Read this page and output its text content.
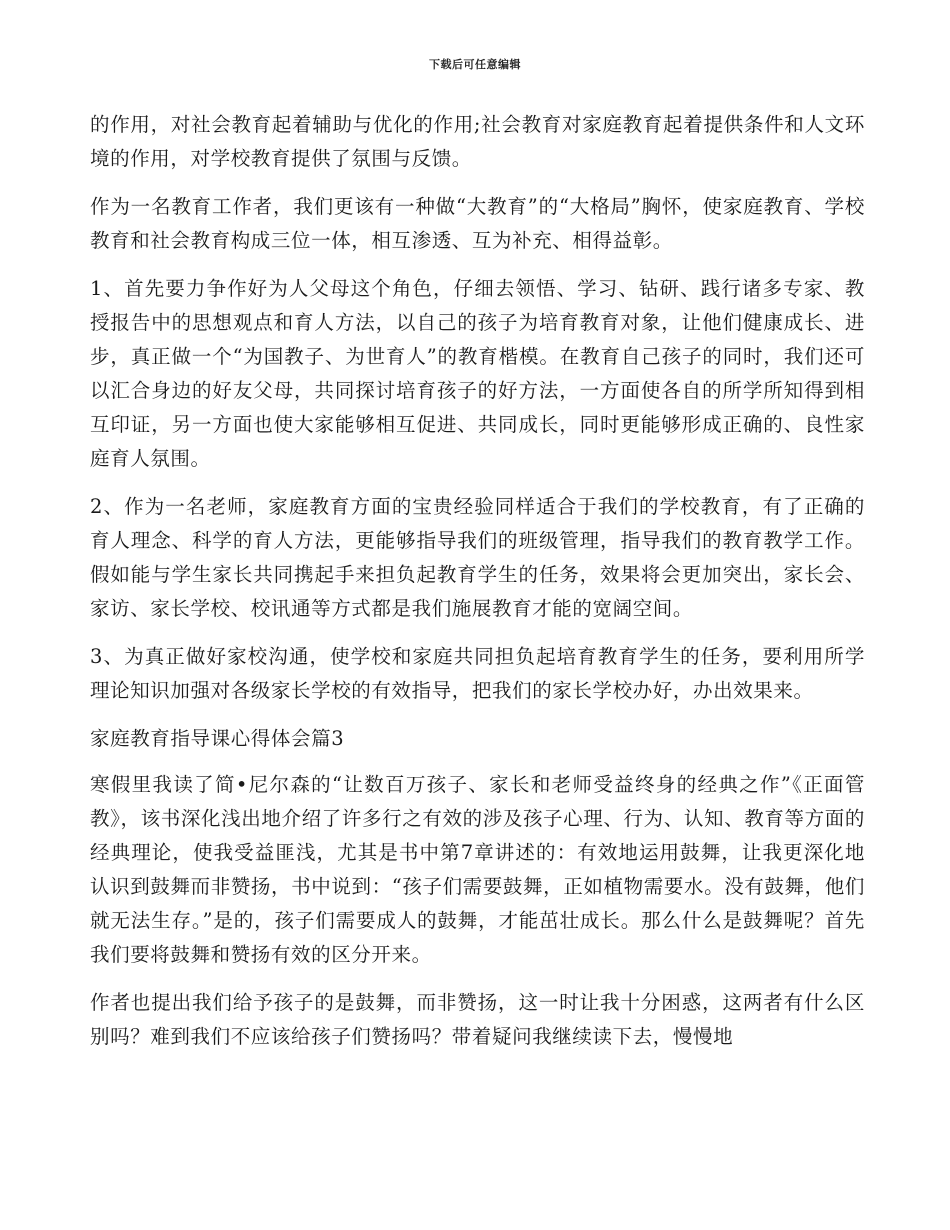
下载后可任意编辑

的作用，对社会教育起着辅助与优化的作用;社会教育对家庭教育起着提供条件和人文环境的作用，对学校教育提供了氛围与反馈。

作为一名教育工作者，我们更该有一种做“大教育”的“大格局”胸怀，使家庭教育、学校教育和社会教育构成三位一体，相互渗透、互为补充、相得益彰。

1、首先要力争作好为人父母这个角色，仔细去领悟、学习、钻研、践行诸多专家、教授报告中的思想观点和育人方法，以自己的孩子为培育教育对象，让他们健康成长、进步，真正做一个“为国教子、为世育人”的教育楷模。在教育自己孩子的同时，我们还可以汇合身边的好友父母，共同探讨培育孩子的好方法，一方面使各自的所学所知得到相互印证，另一方面也使大家能够相互促进、共同成长，同时更能够形成正确的、良性家庭育人氛围。

2、作为一名老师，家庭教育方面的宝贵经验同样适合于我们的学校教育，有了正确的育人理念、科学的育人方法，更能够指导我们的班级管理，指导我们的教育教学工作。假如能与学生家长共同携起手来担负起教育学生的任务，效果将会更加突出，家长会、家访、家长学校、校讯通等方式都是我们施展教育才能的宽阔空间。

3、为真正做好家校沟通，使学校和家庭共同担负起培育教育学生的任务，要利用所学理论知识加强对各级家长学校的有效指导，把我们的家长学校办好，办出效果来。

家庭教育指导课心得体会篇3

寒假里我读了简•尼尔森的“让数百万孩子、家长和老师受益终身的经典之作”《正面管教》，该书深化浅出地介绍了许多行之有效的涉及孩子心理、行为、认知、教育等方面的经典理论，使我受益匪浅，尤其是书中第7章讲述的：有效地运用鼓舞，让我更深化地认识到鼓舞而非赞扬，书中说到：“孩子们需要鼓舞，正如植物需要水。没有鼓舞，他们就无法生存。”是的，孩子们需要成人的鼓舞，才能茁壮成长。那么什么是鼓舞呢？首先我们要将鼓舞和赞扬有效的区分开来。

作者也提出我们给予孩子的是鼓舞，而非赞扬，这一时让我十分困惑，这两者有什么区别吗？难到我们不应该给孩子们赞扬吗？带着疑问我继续读下去，慢慢地
